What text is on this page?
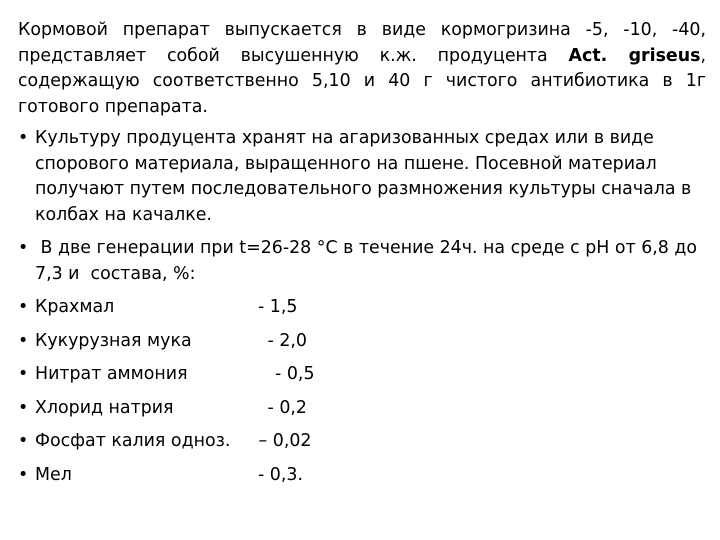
Кормовой препарат выпускается в виде кормогризина -5, -10, -40, представляет собой высушенную к.ж. продуцента Act. griseus, содержащую соответственно 5,10 и 40 г чистого антибиотика в 1г готового препарата.

• Культуру продуцента хранят на агаризованных средах или в виде спорового материала, выращенного на пшене. Посевной материал получают путем последовательного размножения культуры сначала в колбах на качалке.
• В две генерации при t=26-28 °С в течение 24ч. на среде с рН от 6,8 до 7,3 и  состава, %:
• Крахмал	- 1,5
• Кукурузная мука	- 2,0
• Нитрат аммония	- 0,5
• Хлорид натрия	- 0,2
• Фосфат калия одноз.	– 0,02
• Мел	- 0,3.
